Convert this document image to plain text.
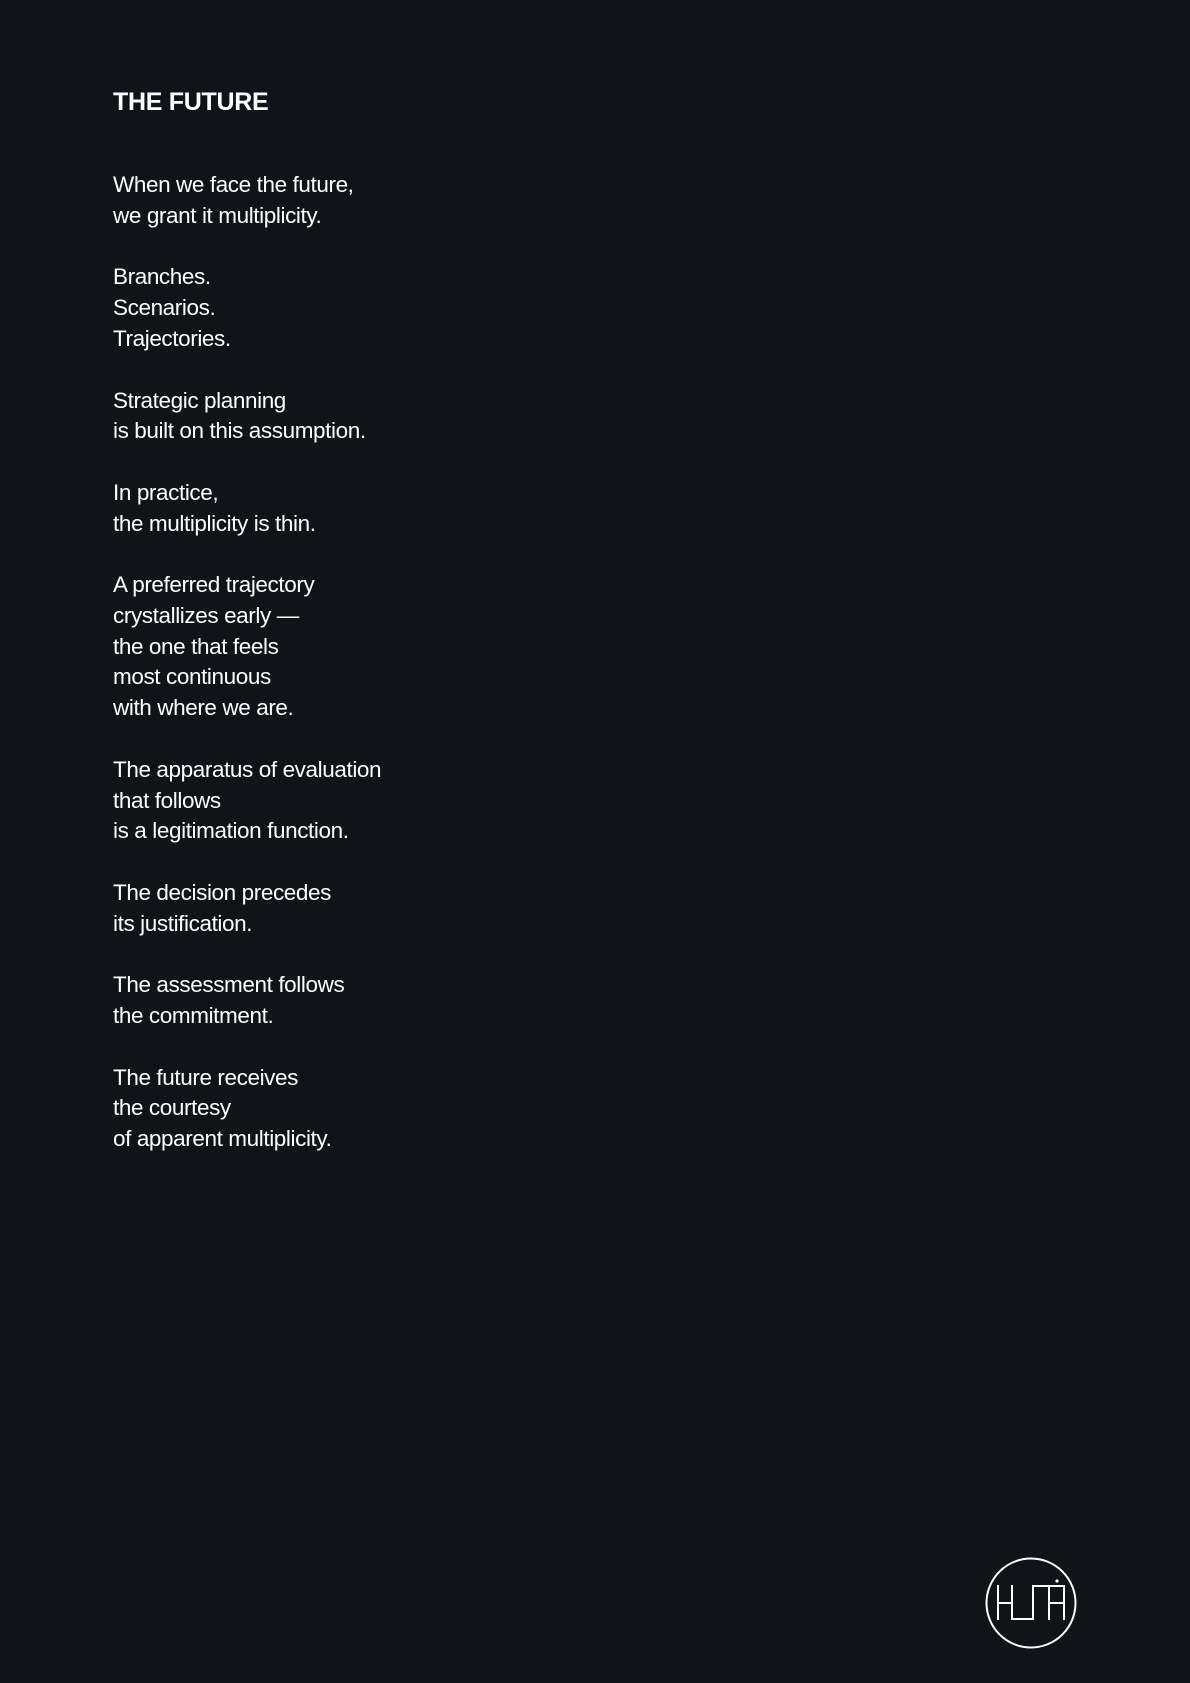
THE FUTURE
When we face the future,
we grant it multiplicity.
Branches.
Scenarios.
Trajectories.
Strategic planning
is built on this assumption.
In practice,
the multiplicity is thin.
A preferred trajectory
crystallizes early —
the one that feels
most continuous
with where we are.
The apparatus of evaluation
that follows
is a legitimation function.
The decision precedes
its justification.
The assessment follows
the commitment.
The future receives
the courtesy
of apparent multiplicity.
